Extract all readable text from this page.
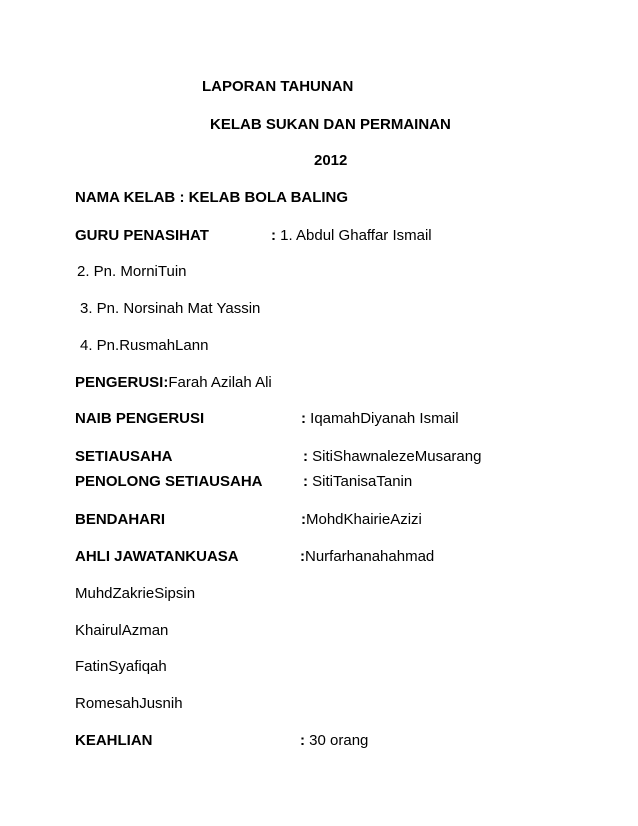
LAPORAN TAHUNAN
KELAB SUKAN DAN PERMAINAN
2012
NAMA KELAB : KELAB BOLA BALING
GURU PENASIHAT	: 1. Abdul Ghaffar Ismail
2. Pn. MorniTuin
3. Pn. Norsinah Mat Yassin
4. Pn.RusmahLann
PENGERUSI:Farah Azilah Ali
NAIB PENGERUSI	: IqamahDiyanah Ismail
SETIAUSAHA	: SitiShawnalezeMusarang
PENOLONG SETIAUSAHA	: SitiTanisaTanin
BENDAHARI	:MohdKhairieAzizi
AHLI JAWATANKUASA	:Nurfarhanahahmad
MuhdZakrieSipsin
KhairulAzman
FatinSyafiqah
RomesahJusnih
KEAHLIAN	: 30 orang
